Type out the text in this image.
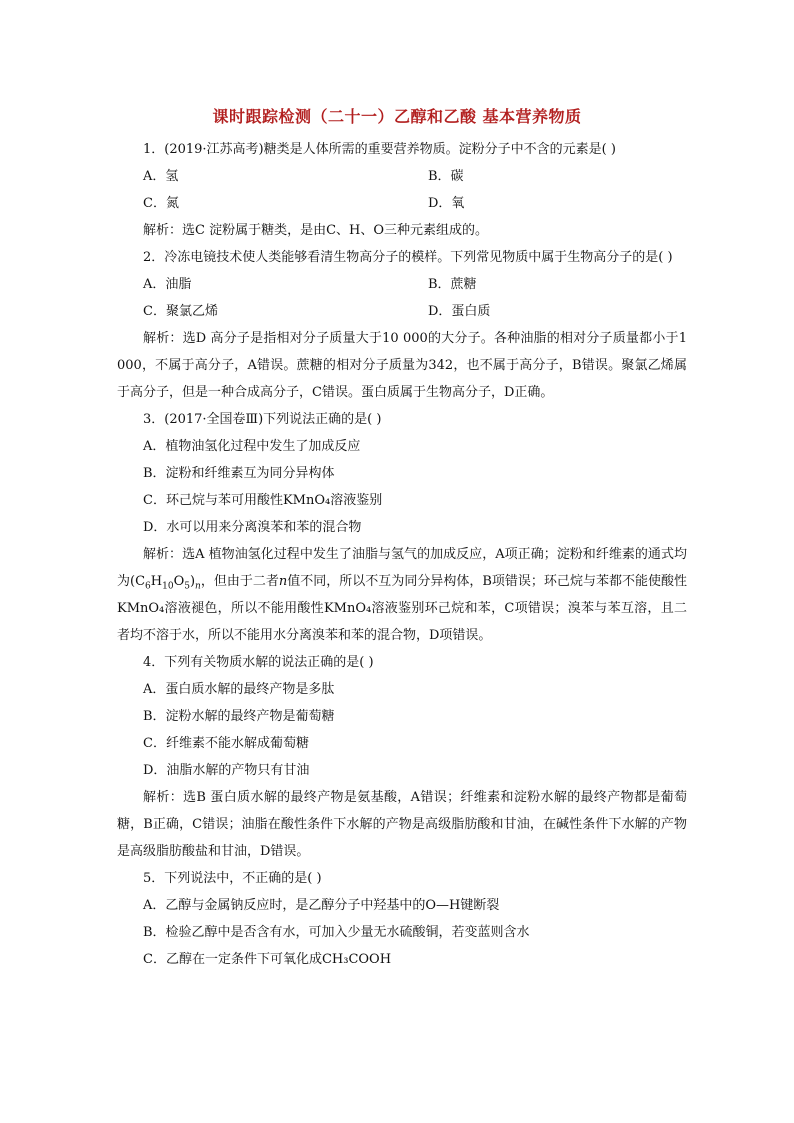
课时跟踪检测（二十一）乙醇和乙酸 基本营养物质

1．(2019·江苏高考)糖类是人体所需的重要营养物质。淀粉分子中不含的元素是( )

A．氢	B．碳
C．氮	D．氧

解析：选C 淀粉属于糖类，是由C、H、O三种元素组成的。

2．冷冻电镜技术使人类能够看清生物高分子的模样。下列常见物质中属于生物高分子的是( )

A．油脂	B．蔗糖
C．聚氯乙烯	D．蛋白质

解析：选D 高分子是指相对分子质量大于10 000的大分子。各种油脂的相对分子质量都小于1 000，不属于高分子，A错误。蔗糖的相对分子质量为342，也不属于高分子，B错误。聚氯乙烯属于高分子，但是一种合成高分子，C错误。蛋白质属于生物高分子，D正确。

3．(2017·全国卷Ⅲ)下列说法正确的是( )

A．植物油氢化过程中发生了加成反应

B．淀粉和纤维素互为同分异构体

C．环己烷与苯可用酸性KMnO₄溶液鉴别

D．水可以用来分离溴苯和苯的混合物

解析：选A 植物油氢化过程中发生了油脂与氢气的加成反应，A项正确；淀粉和纤维素的通式均为$(C_6H_{10}O_5)_n$，但由于二者n值不同，所以不互为同分异构体，B项错误；环己烷与苯都不能使酸性KMnO₄溶液褪色，所以不能用酸性KMnO₄溶液鉴别环己烷和苯，C项错误；溴苯与苯互溶，且二者均不溶于水，所以不能用水分离溴苯和苯的混合物，D项错误。

4．下列有关物质水解的说法正确的是( )

A．蛋白质水解的最终产物是多肽

B．淀粉水解的最终产物是葡萄糖

C．纤维素不能水解成葡萄糖

D．油脂水解的产物只有甘油

解析：选B 蛋白质水解的最终产物是氨基酸，A错误；纤维素和淀粉水解的最终产物都是葡萄糖，B正确，C错误；油脂在酸性条件下水解的产物是高级脂肪酸和甘油，在碱性条件下水解的产物是高级脂肪酸盐和甘油，D错误。

5．下列说法中，不正确的是( )

A．乙醇与金属钠反应时，是乙醇分子中羟基中的O—H键断裂

B．检验乙醇中是否含有水，可加入少量无水硫酸铜，若变蓝则含水

C．乙醇在一定条件下可氧化成CH₃COOH
